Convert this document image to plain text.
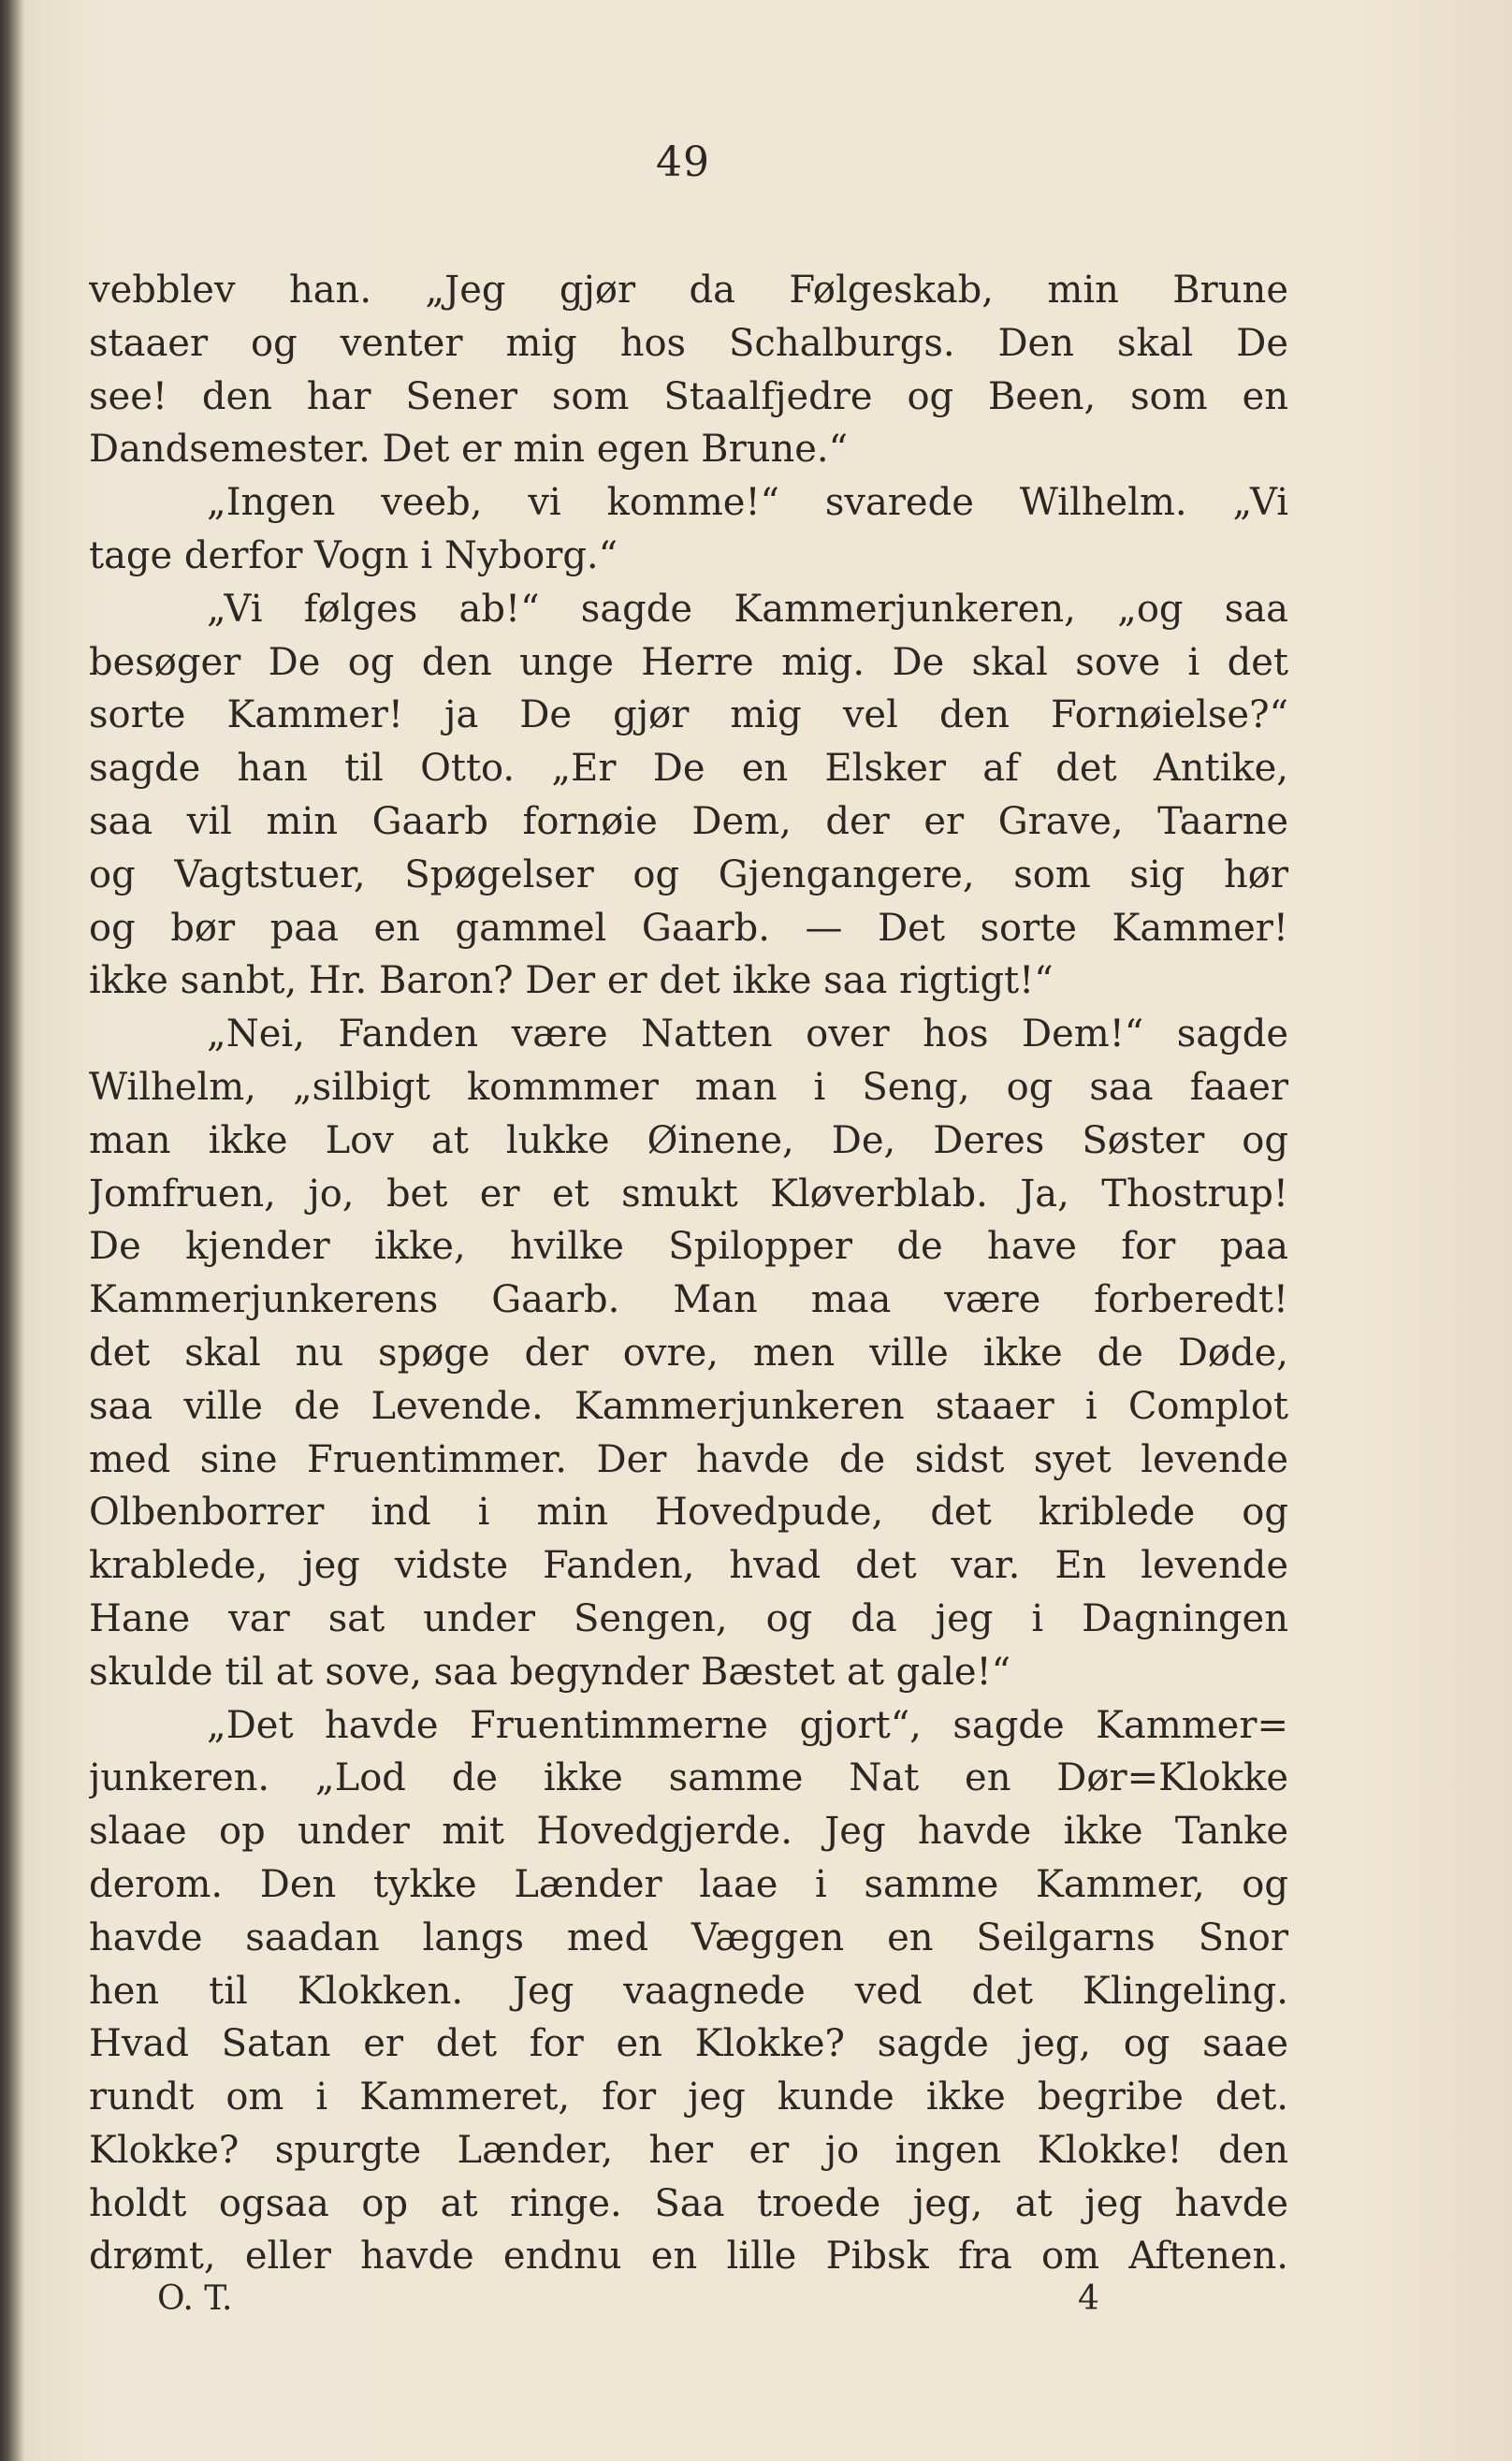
49
vebblev han. „Jeg gjør da Følgeskab, min Brune
staaer og venter mig hos Schalburgs. Den skal De
see! den har Sener som Staalfjedre og Been, som en
Dandsemester. Det er min egen Brune.“
„Ingen veeb, vi komme!“ svarede Wilhelm. „Vi
tage derfor Vogn i Nyborg.“
„Vi følges ab!“ sagde Kammerjunkeren, „og saa
besøger De og den unge Herre mig. De skal sove i det
sorte Kammer! ja De gjør mig vel den Fornøielse?“
sagde han til Otto. „Er De en Elsker af det Antike,
saa vil min Gaarb fornøie Dem, der er Grave, Taarne
og Vagtstuer, Spøgelser og Gjengangere, som sig hør
og bør paa en gammel Gaarb. — Det sorte Kammer!
ikke sanbt, Hr. Baron? Der er det ikke saa rigtigt!“
„Nei, Fanden være Natten over hos Dem!“ sagde
Wilhelm, „silbigt kommmer man i Seng, og saa faaer
man ikke Lov at lukke Øinene, De, Deres Søster og
Jomfruen, jo, bet er et smukt Kløverblab. Ja, Thostrup!
De kjender ikke, hvilke Spilopper de have for paa
Kammerjunkerens Gaarb. Man maa være forberedt!
det skal nu spøge der ovre, men ville ikke de Døde,
saa ville de Levende. Kammerjunkeren staaer i Complot
med sine Fruentimmer. Der havde de sidst syet levende
Olbenborrer ind i min Hovedpude, det kriblede og
krablede, jeg vidste Fanden, hvad det var. En levende
Hane var sat under Sengen, og da jeg i Dagningen
skulde til at sove, saa begynder Bæstet at gale!“
„Det havde Fruentimmerne gjort“, sagde Kammer=
junkeren. „Lod de ikke samme Nat en Dør=Klokke
slaae op under mit Hovedgjerde. Jeg havde ikke Tanke
derom. Den tykke Lænder laae i samme Kammer, og
havde saadan langs med Væggen en Seilgarns Snor
hen til Klokken. Jeg vaagnede ved det Klingeling.
Hvad Satan er det for en Klokke? sagde jeg, og saae
rundt om i Kammeret, for jeg kunde ikke begribe det.
Klokke? spurgte Lænder, her er jo ingen Klokke! den
holdt ogsaa op at ringe. Saa troede jeg, at jeg havde
drømt, eller havde endnu en lille Pibsk fra om Aftenen.
O. T.	4
